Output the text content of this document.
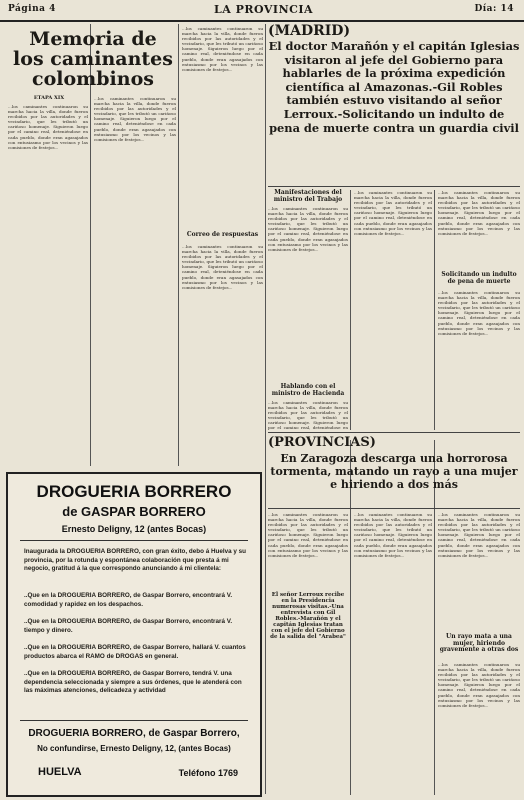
Página 4	LA PROVINCIA	Día: 14
Memoria de
los caminantes
colombinos
ETAPA XIX
...los caminantes continuaron su marcha hacia la villa, donde fueron recibidos por las autoridades y el vecindario, que les tributó un cariñoso homenaje. Siguieron luego por el camino real, deteniéndose en cada pueblo, donde eran agasajados con entusiasmo por los vecinos y las comisiones de festejos...
...los caminantes continuaron su marcha hacia la villa, donde fueron recibidos por las autoridades y el vecindario, que les tributó un cariñoso homenaje. Siguieron luego por el camino real, deteniéndose en cada pueblo, donde eran agasajados con entusiasmo por los vecinos y las comisiones de festejos...
...los caminantes continuaron su marcha hacia la villa, donde fueron recibidos por las autoridades y el vecindario, que les tributó un cariñoso homenaje. Siguieron luego por el camino real, deteniéndose en cada pueblo, donde eran agasajados con entusiasmo por los vecinos y las comisiones de festejos...
Correo de respuestas
...los caminantes continuaron su marcha hacia la villa, donde fueron recibidos por las autoridades y el vecindario, que les tributó un cariñoso homenaje. Siguieron luego por el camino real, deteniéndose en cada pueblo, donde eran agasajados con entusiasmo por los vecinos y las comisiones de festejos...
(MADRID)
El doctor Marañón y el capitán Iglesias visitaron al jefe del Gobierno para hablarles de la próxima expedición científica al Amazonas.-Gil Robles también estuvo visitando al señor Lerroux.-Solicitando un indulto de pena de muerte contra un guardia civil
Manifestaciones del ministro del Trabajo
...los caminantes continuaron su marcha hacia la villa, donde fueron recibidos por las autoridades y el vecindario, que les tributó un cariñoso homenaje. Siguieron luego por el camino real, deteniéndose en cada pueblo, donde eran agasajados con entusiasmo por los vecinos y las comisiones de festejos...
Hablando con el ministro de Hacienda
...los caminantes continuaron su marcha hacia la villa, donde fueron recibidos por las autoridades y el vecindario, que les tributó un cariñoso homenaje. Siguieron luego por el camino real, deteniéndose en
...los caminantes continuaron su marcha hacia la villa, donde fueron recibidos por las autoridades y el vecindario, que les tributó un cariñoso homenaje. Siguieron luego por el camino real, deteniéndose en cada pueblo, donde eran agasajados con entusiasmo por los vecinos y las comisiones de festejos...
...los caminantes continuaron su marcha hacia la villa, donde fueron recibidos por las autoridades y el vecindario, que les tributó un cariñoso homenaje. Siguieron luego por el camino real, deteniéndose en cada pueblo, donde eran agasajados con entusiasmo por los vecinos y las comisiones de festejos...
Solicitando un indulto de pena de muerte
...los caminantes continuaron su marcha hacia la villa, donde fueron recibidos por las autoridades y el vecindario, que les tributó un cariñoso homenaje. Siguieron luego por el camino real, deteniéndose en cada pueblo, donde eran agasajados con entusiasmo por los vecinos y las comisiones de festejos...
(PROVINCIAS)
En Zaragoza descarga una horrorosa tormenta, matando un rayo a una mujer e hiriendo a dos más
...los caminantes continuaron su marcha hacia la villa, donde fueron recibidos por las autoridades y el vecindario, que les tributó un cariñoso homenaje. Siguieron luego por el camino real, deteniéndose en cada pueblo, donde eran agasajados con entusiasmo por los vecinos y las comisiones de festejos...
El señor Lerroux recibe en la Presidencia numerosas visitas.-Una entrevista con Gil Robles.-Marañón y el capitán Iglesias tratan con el jefe del Gobierno de la salida del "Arabea"
...los caminantes continuaron su marcha hacia la villa, donde fueron recibidos por las autoridades y el vecindario, que les tributó un cariñoso homenaje. Siguieron luego por el camino real, deteniéndose en cada pueblo, donde eran agasajados con entusiasmo por los vecinos y las comisiones de festejos...
...los caminantes continuaron su marcha hacia la villa, donde fueron recibidos por las autoridades y el vecindario, que les tributó un cariñoso homenaje. Siguieron luego por el camino real, deteniéndose en cada pueblo, donde eran agasajados con entusiasmo por los vecinos y las comisiones de festejos...
Un rayo mata a una mujer, hiriendo gravemente a otras dos
...los caminantes continuaron su marcha hacia la villa, donde fueron recibidos por las autoridades y el vecindario, que les tributó un cariñoso homenaje. Siguieron luego por el camino real, deteniéndose en cada pueblo, donde eran agasajados con entusiasmo por los vecinos y las comisiones de festejos...
DROGUERIA BORRERO
de GASPAR BORRERO
Ernesto Deligny, 12 (antes Bocas)
Inaugurada la DROGUERIA BORRERO, con gran éxito, debo á Huelva y su provincia, por la rotunda y espontánea colaboración que presta á mi negocio, gratitud á la que correspondo anunciando á mi clientela:
..Que en la DROGUERIA BORRERO, de Gaspar Borrero, encontrará V. comodidad y rapidez en los despachos.
..Que en la DROGUERIA BORRERO, de Gaspar Borrero, encontrará V. tiempo y dinero.
..Que en la DROGUERIA BORRERO, de Gaspar Borrero, hallará V. cuantos productos abarca el RAMO de DROGAS en general.
..Que en la DROGUERIA BORRERO, de Gaspar Borrero, tendrá V. una dependencia seleccionada y siempre a sus órdenes, que le atenderá con las máximas atenciones, delicadeza y actividad
DROGUERIA BORRERO, de Gaspar Borrero,
No confundirse, Ernesto Deligny, 12, (antes Bocas)
HUELVA	Teléfono 1769
